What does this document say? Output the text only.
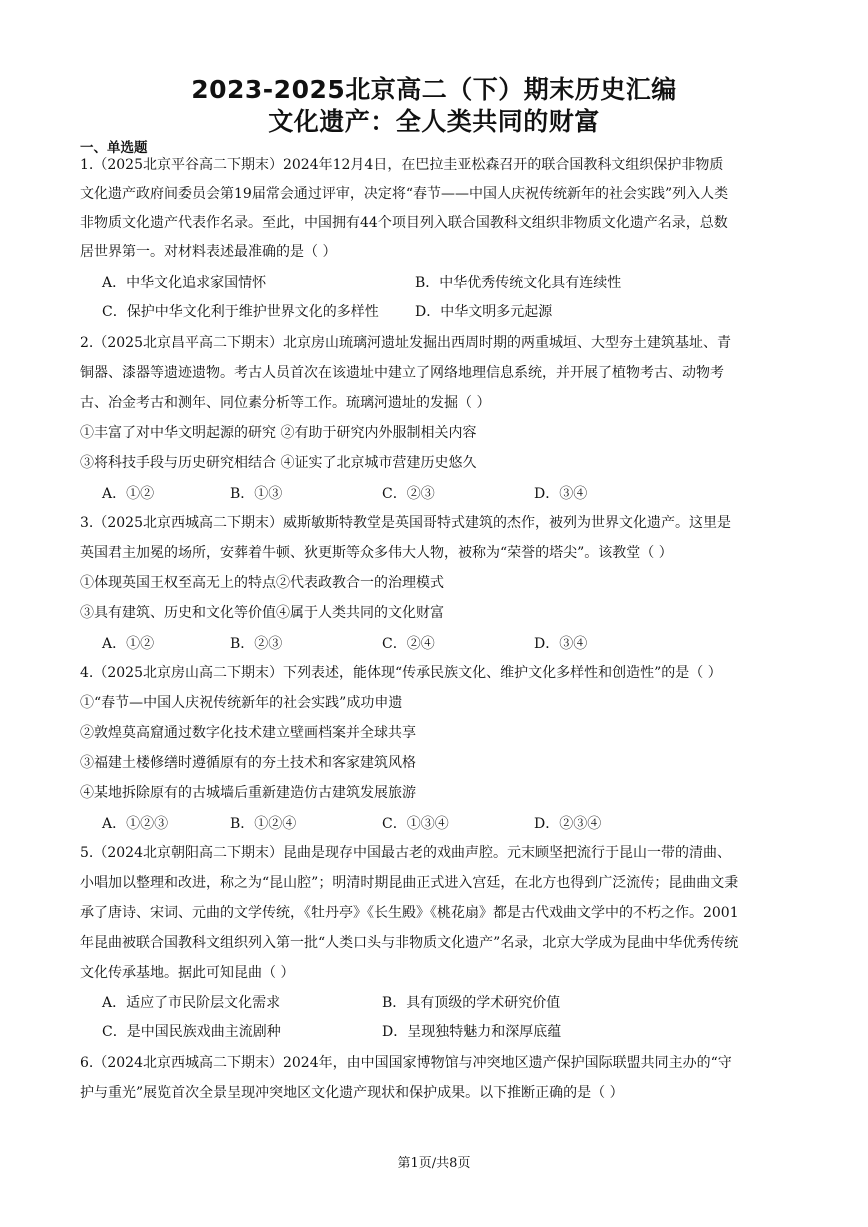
2023-2025北京高二（下）期末历史汇编
文化遗产：全人类共同的财富
一、单选题
1.（2025北京平谷高二下期末）2024年12月4日，在巴拉圭亚松森召开的联合国教科文组织保护非物质
文化遗产政府间委员会第19届常会通过评审，决定将“春节——中国人庆祝传统新年的社会实践”列入人类
非物质文化遗产代表作名录。至此，中国拥有44个项目列入联合国教科文组织非物质文化遗产名录，总数
居世界第一。对材料表述最准确的是（ ）
A．中华文化追求家国情怀	B．中华优秀传统文化具有连续性
C．保护中华文化利于维护世界文化的多样性	D．中华文明多元起源
2.（2025北京昌平高二下期末）北京房山琉璃河遗址发掘出西周时期的两重城垣、大型夯土建筑基址、青
铜器、漆器等遗迹遗物。考古人员首次在该遗址中建立了网络地理信息系统，并开展了植物考古、动物考
古、冶金考古和测年、同位素分析等工作。琉璃河遗址的发掘（ ）
①丰富了对中华文明起源的研究 ②有助于研究内外服制相关内容
③将科技手段与历史研究相结合 ④证实了北京城市营建历史悠久
A．①②	B．①③	C．②③	D．③④
3.（2025北京西城高二下期末）威斯敏斯特教堂是英国哥特式建筑的杰作，被列为世界文化遗产。这里是
英国君主加冕的场所，安葬着牛顿、狄更斯等众多伟大人物，被称为“荣誉的塔尖”。该教堂（ ）
①体现英国王权至高无上的特点②代表政教合一的治理模式
③具有建筑、历史和文化等价值④属于人类共同的文化财富
A．①②	B．②③	C．②④	D．③④
4.（2025北京房山高二下期末）下列表述，能体现“传承民族文化、维护文化多样性和创造性”的是（ ）
①“春节—中国人庆祝传统新年的社会实践”成功申遗
②敦煌莫高窟通过数字化技术建立壁画档案并全球共享
③福建土楼修缮时遵循原有的夯土技术和客家建筑风格
④某地拆除原有的古城墙后重新建造仿古建筑发展旅游
A．①②③	B．①②④	C．①③④	D．②③④
5.（2024北京朝阳高二下期末）昆曲是现存中国最古老的戏曲声腔。元末顾坚把流行于昆山一带的清曲、
小唱加以整理和改进，称之为“昆山腔”；明清时期昆曲正式进入宫廷，在北方也得到广泛流传；昆曲曲文秉
承了唐诗、宋词、元曲的文学传统，《牡丹亭》《长生殿》《桃花扇》都是古代戏曲文学中的不朽之作。2001
年昆曲被联合国教科文组织列入第一批“人类口头与非物质文化遗产”名录，北京大学成为昆曲中华优秀传统
文化传承基地。据此可知昆曲（ ）
A．适应了市民阶层文化需求	B．具有顶级的学术研究价值
C．是中国民族戏曲主流剧种	D．呈现独特魅力和深厚底蕴
6.（2024北京西城高二下期末）2024年，由中国国家博物馆与冲突地区遗产保护国际联盟共同主办的“守
护与重光”展览首次全景呈现冲突地区文化遗产现状和保护成果。以下推断正确的是（ ）
第1页/共8页
